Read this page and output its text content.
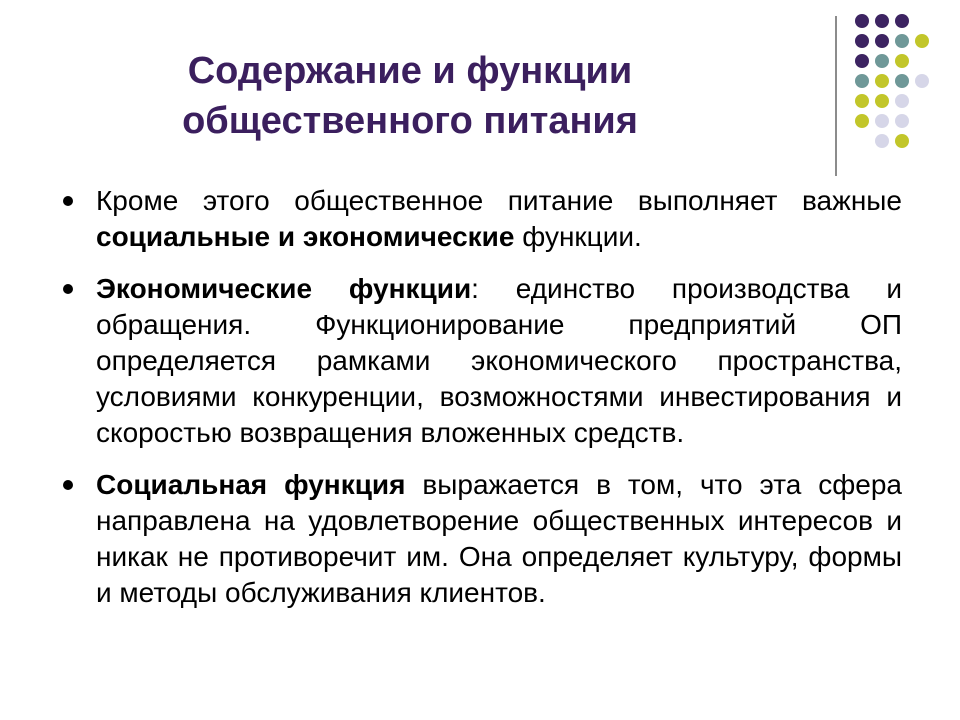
Содержание и функции
общественного питания
Кроме этого общественное питание выполняет важные социальные и экономические функции.
Экономические функции: единство производства и обращения. Функционирование предприятий ОП определяется рамками экономического пространства, условиями конкуренции, возможностями инвестирования и скоростью возвращения вложенных средств.
Социальная функция выражается в том, что эта сфера направлена на удовлетворение общественных интересов и никак не противоречит им. Она определяет культуру, формы и методы обслуживания клиентов.
